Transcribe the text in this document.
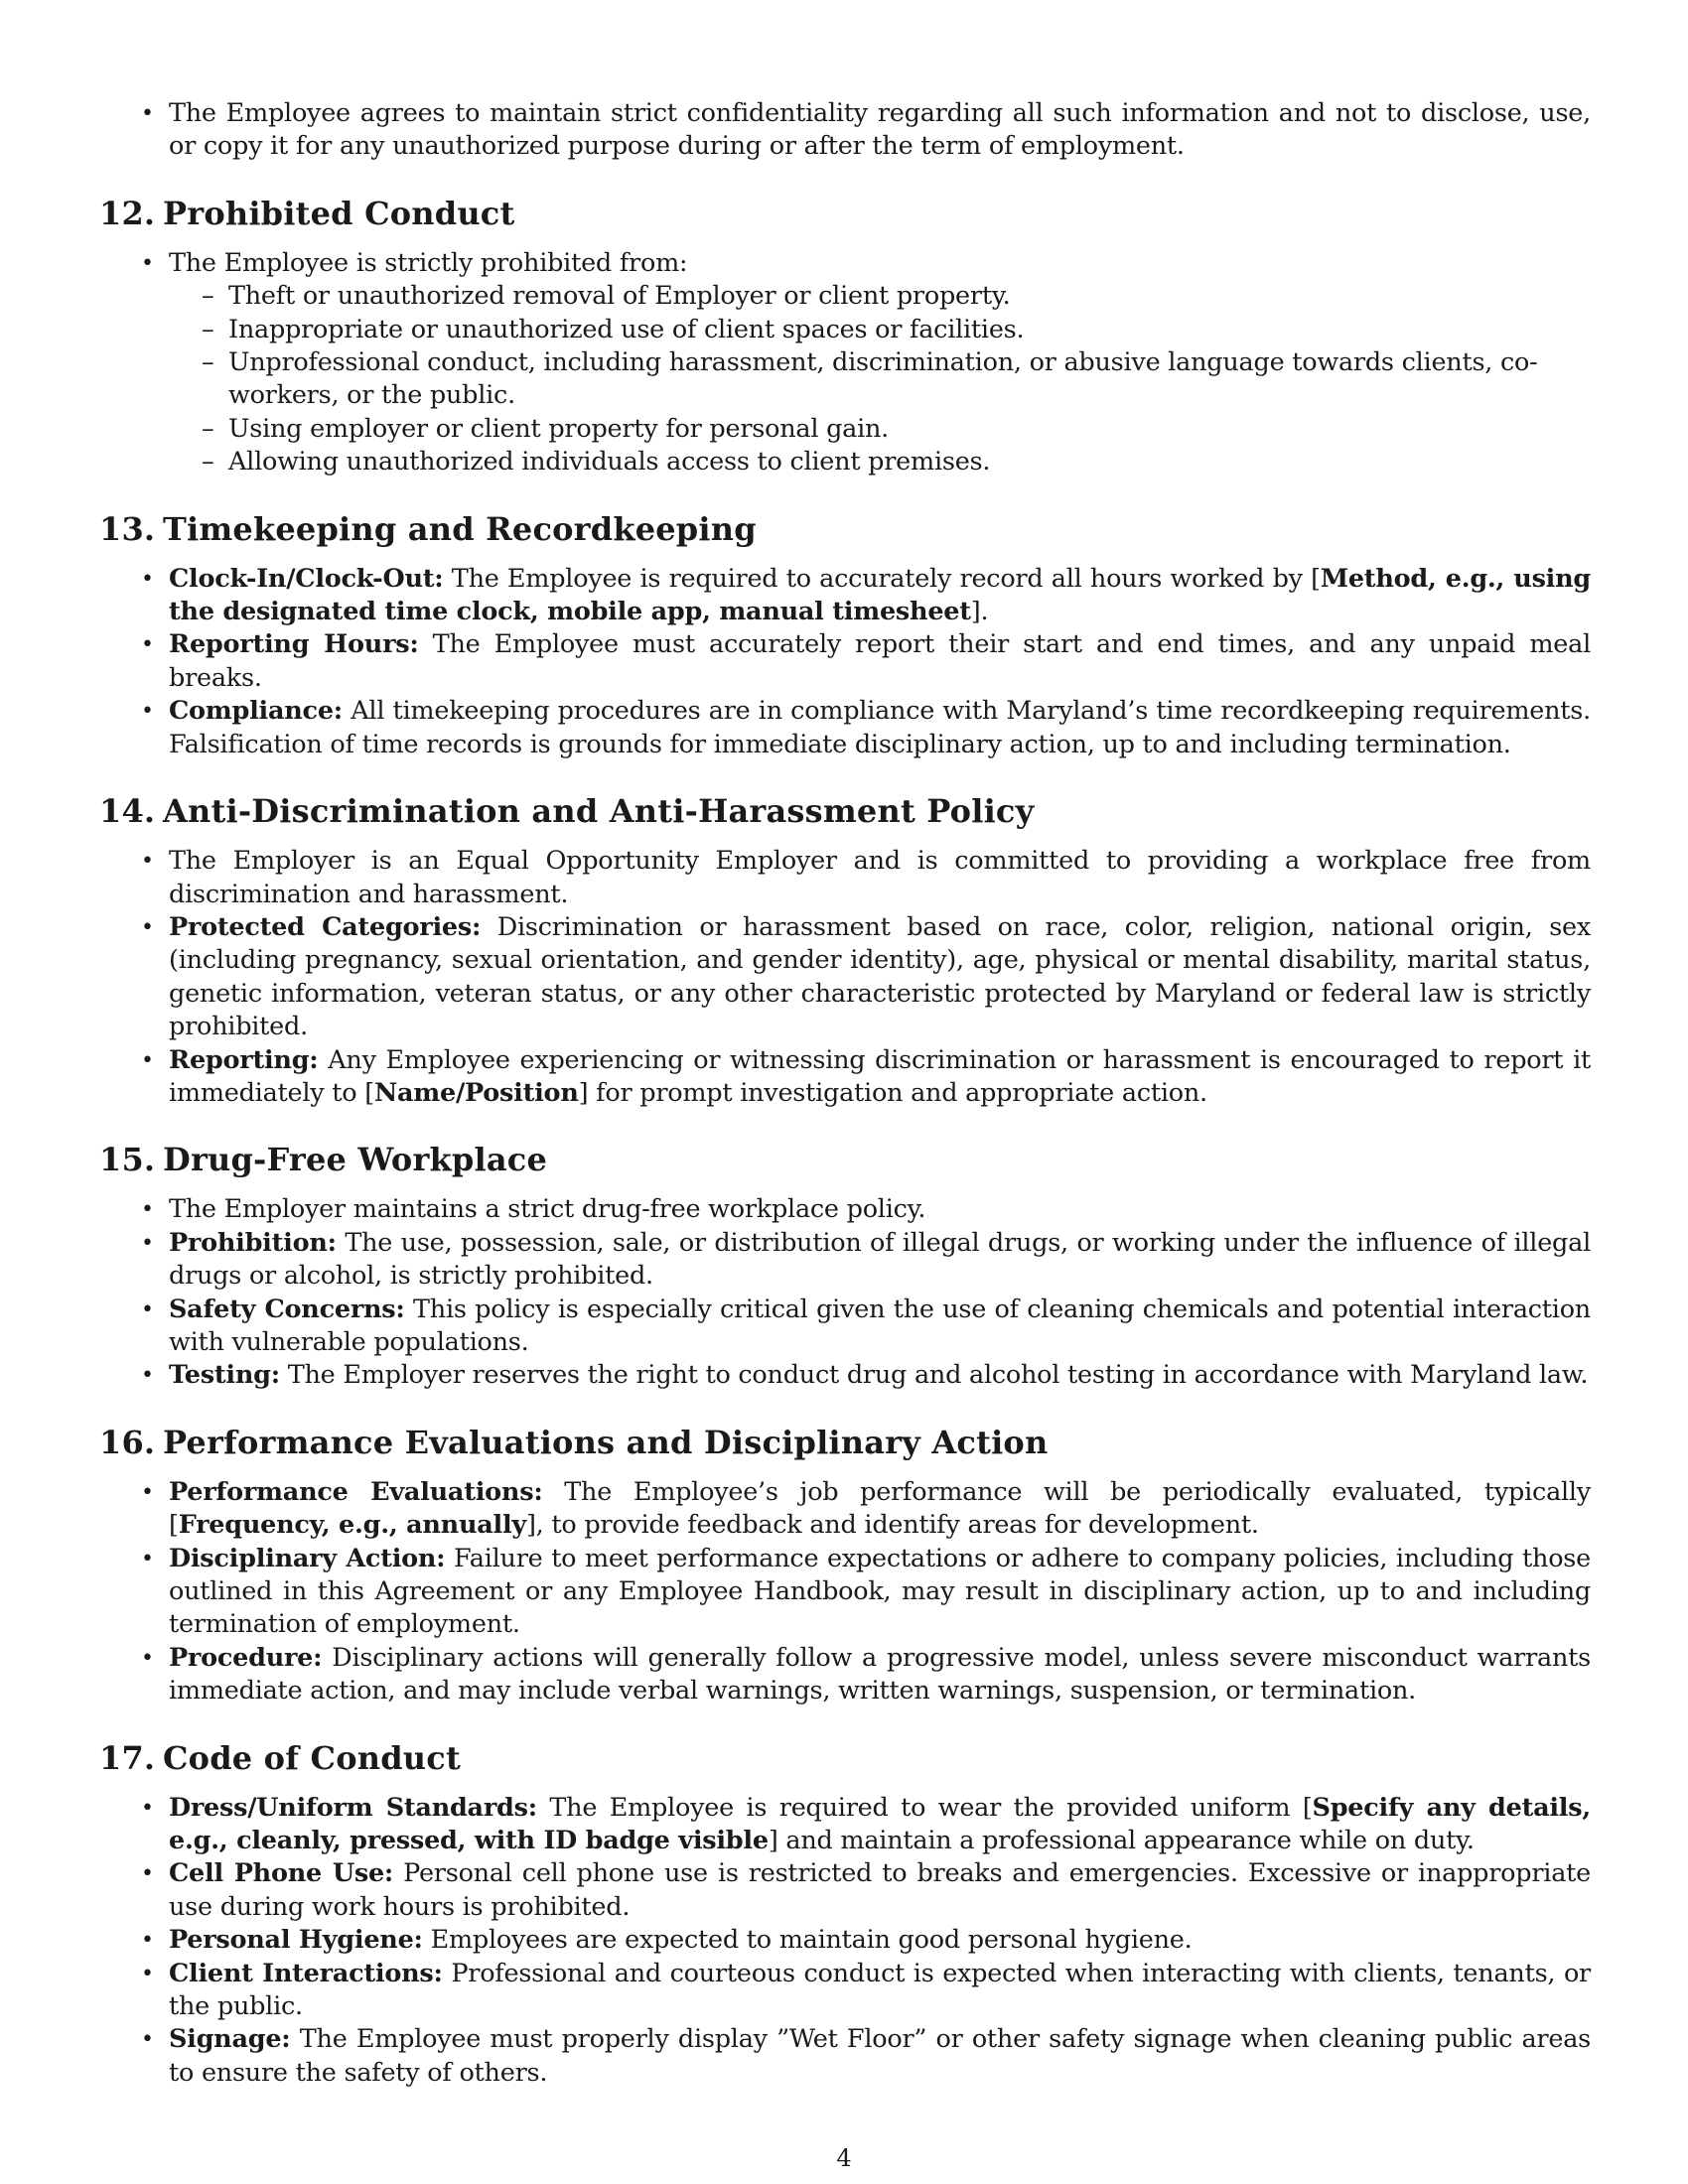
• The Employee agrees to maintain strict confidentiality regarding all such information and not to disclose, use, or copy it for any unauthorized purpose during or after the term of employment.
12. Prohibited Conduct
• The Employee is strictly prohibited from:
– Theft or unauthorized removal of Employer or client property.
– Inappropriate or unauthorized use of client spaces or facilities.
– Unprofessional conduct, including harassment, discrimination, or abusive language towards clients, co-workers, or the public.
– Using employer or client property for personal gain.
– Allowing unauthorized individuals access to client premises.
13. Timekeeping and Recordkeeping
• Clock-In/Clock-Out: The Employee is required to accurately record all hours worked by [Method, e.g., using the designated time clock, mobile app, manual timesheet].
• Reporting Hours: The Employee must accurately report their start and end times, and any unpaid meal breaks.
• Compliance: All timekeeping procedures are in compliance with Maryland’s time recordkeeping requirements. Falsification of time records is grounds for immediate disciplinary action, up to and including termination.
14. Anti-Discrimination and Anti-Harassment Policy
• The Employer is an Equal Opportunity Employer and is committed to providing a workplace free from discrimination and harassment.
• Protected Categories: Discrimination or harassment based on race, color, religion, national origin, sex (including pregnancy, sexual orientation, and gender identity), age, physical or mental disability, marital status, genetic information, veteran status, or any other characteristic protected by Maryland or federal law is strictly prohibited.
• Reporting: Any Employee experiencing or witnessing discrimination or harassment is encouraged to report it immediately to [Name/Position] for prompt investigation and appropriate action.
15. Drug-Free Workplace
• The Employer maintains a strict drug-free workplace policy.
• Prohibition: The use, possession, sale, or distribution of illegal drugs, or working under the influence of illegal drugs or alcohol, is strictly prohibited.
• Safety Concerns: This policy is especially critical given the use of cleaning chemicals and potential interaction with vulnerable populations.
• Testing: The Employer reserves the right to conduct drug and alcohol testing in accordance with Maryland law.
16. Performance Evaluations and Disciplinary Action
• Performance Evaluations: The Employee’s job performance will be periodically evaluated, typically [Frequency, e.g., annually], to provide feedback and identify areas for development.
• Disciplinary Action: Failure to meet performance expectations or adhere to company policies, including those outlined in this Agreement or any Employee Handbook, may result in disciplinary action, up to and including termination of employment.
• Procedure: Disciplinary actions will generally follow a progressive model, unless severe misconduct warrants immediate action, and may include verbal warnings, written warnings, suspension, or termination.
17. Code of Conduct
• Dress/Uniform Standards: The Employee is required to wear the provided uniform [Specify any details, e.g., cleanly, pressed, with ID badge visible] and maintain a professional appearance while on duty.
• Cell Phone Use: Personal cell phone use is restricted to breaks and emergencies. Excessive or inappropriate use during work hours is prohibited.
• Personal Hygiene: Employees are expected to maintain good personal hygiene.
• Client Interactions: Professional and courteous conduct is expected when interacting with clients, tenants, or the public.
• Signage: The Employee must properly display ”Wet Floor” or other safety signage when cleaning public areas to ensure the safety of others.
4
